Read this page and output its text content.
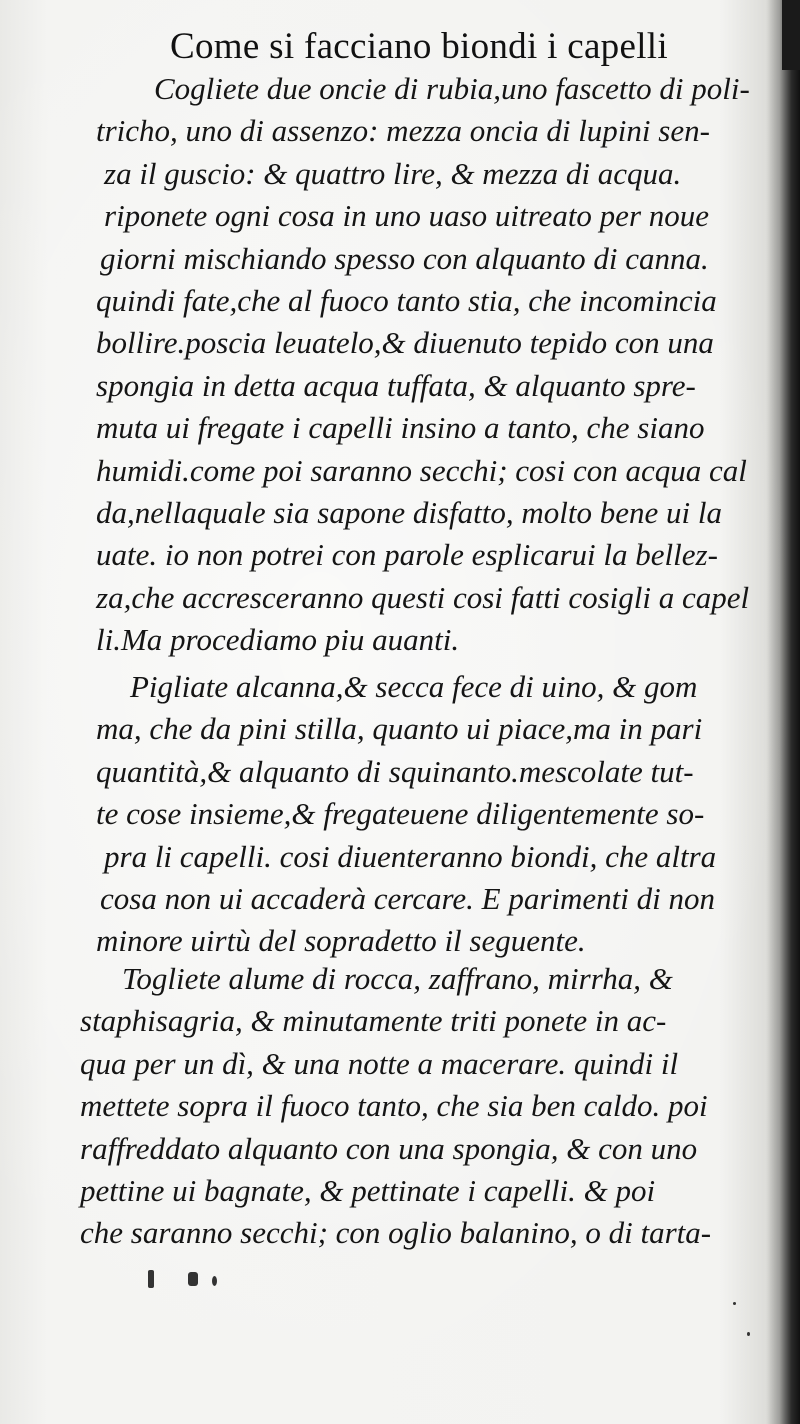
Come si facciano biondi i capelli
Cogliete due oncie di rubia,uno fascetto di poli-
tricho, uno di assenzo: mezza oncia di lupini sen-
za il guscio: & quattro lire, & mezza di acqua.
riponete ogni cosa in uno uaso uitreato per noue
giorni mischiando spesso con alquanto di canna.
quindi fate,che al fuoco tanto stia, che incomincia
bollire.poscia leuatelo,& diuenuto tepido con una
spongia in detta acqua tuffata, & alquanto spre-
muta ui fregate i capelli insino a tanto, che siano
humidi.come poi saranno secchi; cosi con acqua cal
da,nellaquale sia sapone disfatto, molto bene ui la
uate. io non potrei con parole esplicarui la bellez-
za,che accresceranno questi cosi fatti cosigli a capel
li.Ma procediamo piu auanti.
Pigliate alcanna,& secca fece di uino, & gom
ma, che da pini stilla, quanto ui piace,ma in pari
quantità,& alquanto di squinanto.mescolate tut-
te cose insieme,& fregateuene diligentemente so-
pra li capelli. cosi diuenteranno biondi, che altra
cosa non ui accaderà cercare. E parimenti di non
minore uirtù del sopradetto il seguente.
Togliete alume di rocca, zaffrano, mirrha, &
staphisagria, & minutamente triti ponete in ac-
qua per un dì, & una notte a macerare. quindi il
mettete sopra il fuoco tanto, che sia ben caldo. poi
raffreddato alquanto con una spongia, & con uno
pettine ui bagnate, & pettinate i capelli. & poi
che saranno secchi; con oglio balanino, o di tarta-
